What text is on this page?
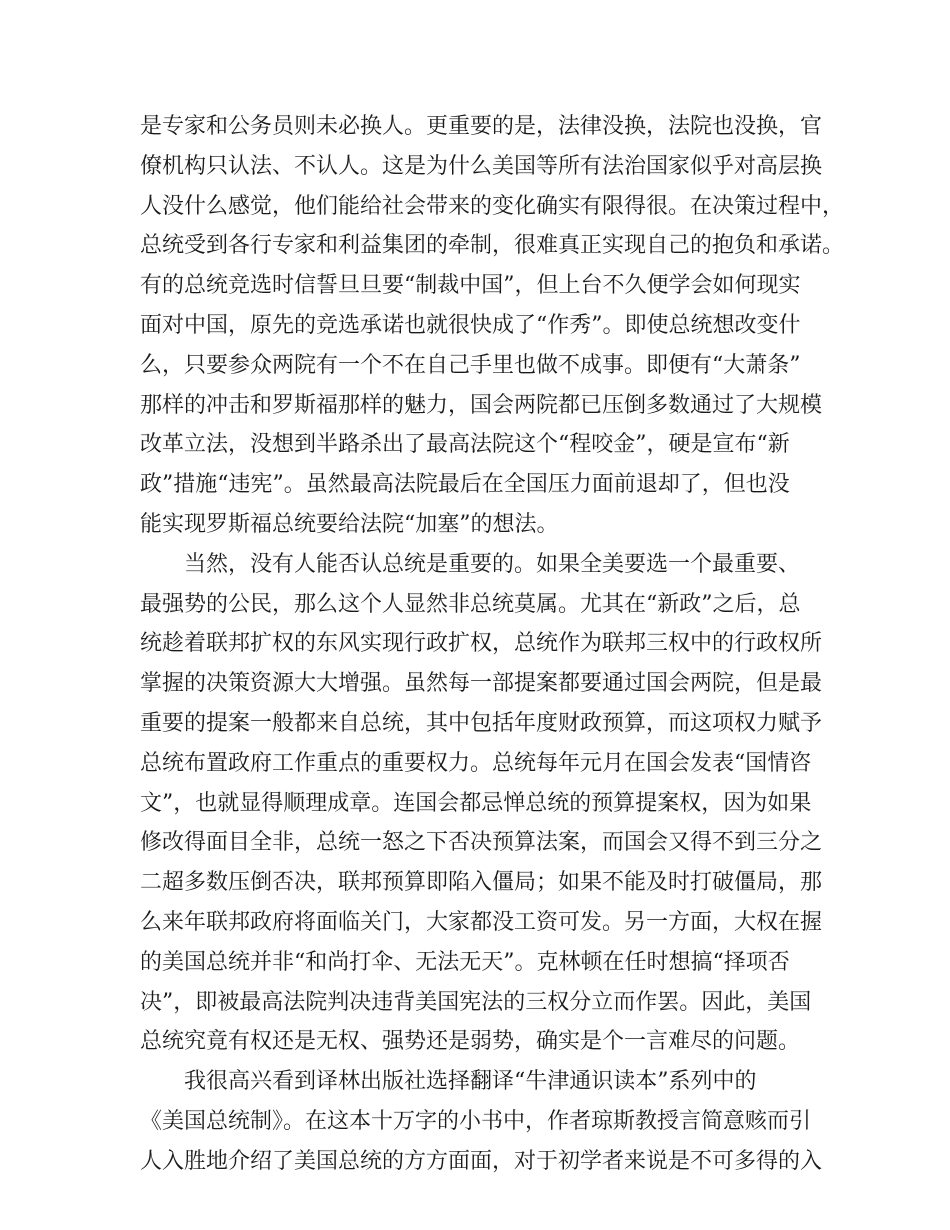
是专家和公务员则未必换人。更重要的是，法律没换，法院也没换，官
僚机构只认法、不认人。这是为什么美国等所有法治国家似乎对高层换
人没什么感觉，他们能给社会带来的变化确实有限得很。在决策过程中，
总统受到各行专家和利益集团的牵制，很难真正实现自己的抱负和承诺。
有的总统竞选时信誓旦旦要“制裁中国”，但上台不久便学会如何现实
面对中国，原先的竞选承诺也就很快成了“作秀”。即使总统想改变什
么，只要参众两院有一个不在自己手里也做不成事。即便有“大萧条”
那样的冲击和罗斯福那样的魅力，国会两院都已压倒多数通过了大规模
改革立法，没想到半路杀出了最高法院这个“程咬金”，硬是宣布“新
政”措施“违宪”。虽然最高法院最后在全国压力面前退却了，但也没
能实现罗斯福总统要给法院“加塞”的想法。
当然，没有人能否认总统是重要的。如果全美要选一个最重要、
最强势的公民，那么这个人显然非总统莫属。尤其在“新政”之后，总
统趁着联邦扩权的东风实现行政扩权，总统作为联邦三权中的行政权所
掌握的决策资源大大增强。虽然每一部提案都要通过国会两院，但是最
重要的提案一般都来自总统，其中包括年度财政预算，而这项权力赋予
总统布置政府工作重点的重要权力。总统每年元月在国会发表“国情咨
文”，也就显得顺理成章。连国会都忌惮总统的预算提案权，因为如果
修改得面目全非，总统一怒之下否决预算法案，而国会又得不到三分之
二超多数压倒否决，联邦预算即陷入僵局；如果不能及时打破僵局，那
么来年联邦政府将面临关门，大家都没工资可发。另一方面，大权在握
的美国总统并非“和尚打伞、无法无天”。克林顿在任时想搞“择项否
决”，即被最高法院判决违背美国宪法的三权分立而作罢。因此，美国
总统究竟有权还是无权、强势还是弱势，确实是个一言难尽的问题。
我很高兴看到译林出版社选择翻译“牛津通识读本”系列中的
《美国总统制》。在这本十万字的小书中，作者琼斯教授言简意赅而引
人入胜地介绍了美国总统的方方面面，对于初学者来说是不可多得的入
